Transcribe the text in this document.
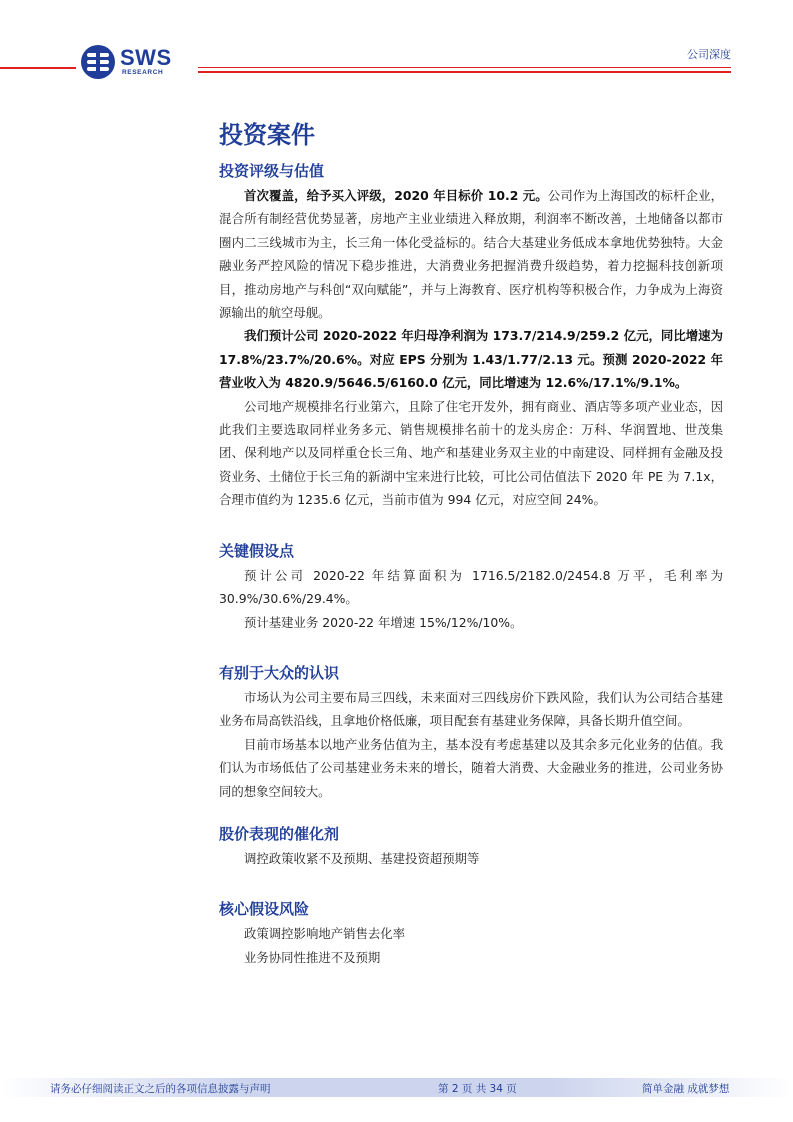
SWS
RESEARCH
公司深度
投资案件
投资评级与估值

首次覆盖，给予买入评级，2020 年目标价 10.2 元。公司作为上海国改的标杆企业，混合所有制经营优势显著，房地产主业业绩进入释放期，利润率不断改善，土地储备以都市圈内二三线城市为主，长三角一体化受益标的。结合大基建业务低成本拿地优势独特。大金融业务严控风险的情况下稳步推进，大消费业务把握消费升级趋势，着力挖掘科技创新项目，推动房地产与科创“双向赋能”，并与上海教育、医疗机构等积极合作，力争成为上海资源输出的航空母舰。

我们预计公司 2020-2022 年归母净利润为 173.7/214.9/259.2 亿元，同比增速为 17.8%/23.7%/20.6%。对应 EPS 分别为 1.43/1.77/2.13 元。预测 2020-2022 年营业收入为 4820.9/5646.5/6160.0 亿元，同比增速为 12.6%/17.1%/9.1%。

公司地产规模排名行业第六，且除了住宅开发外，拥有商业、酒店等多项产业业态，因此我们主要选取同样业务多元、销售规模排名前十的龙头房企：万科、华润置地、世茂集团、保利地产以及同样重仓长三角、地产和基建业务双主业的中南建设、同样拥有金融及投资业务、土储位于长三角的新湖中宝来进行比较，可比公司估值法下 2020 年 PE 为 7.1x，合理市值约为 1235.6 亿元，当前市值为 994 亿元，对应空间 24%。

关键假设点

预计公司 2020-22 年结算面积为 1716.5/2182.0/2454.8 万平，毛利率为 30.9%/30.6%/29.4%。

预计基建业务 2020-22 年增速 15%/12%/10%。

有别于大众的认识

市场认为公司主要布局三四线，未来面对三四线房价下跌风险，我们认为公司结合基建业务布局高铁沿线，且拿地价格低廉，项目配套有基建业务保障，具备长期升值空间。

目前市场基本以地产业务估值为主，基本没有考虑基建以及其余多元化业务的估值。我们认为市场低估了公司基建业务未来的增长，随着大消费、大金融业务的推进，公司业务协同的想象空间较大。

股价表现的催化剂

调控政策收紧不及预期、基建投资超预期等

核心假设风险

政策调控影响地产销售去化率

业务协同性推进不及预期

请务必仔细阅读正文之后的各项信息披露与声明	第 2 页 共 34 页	简单金融 成就梦想
